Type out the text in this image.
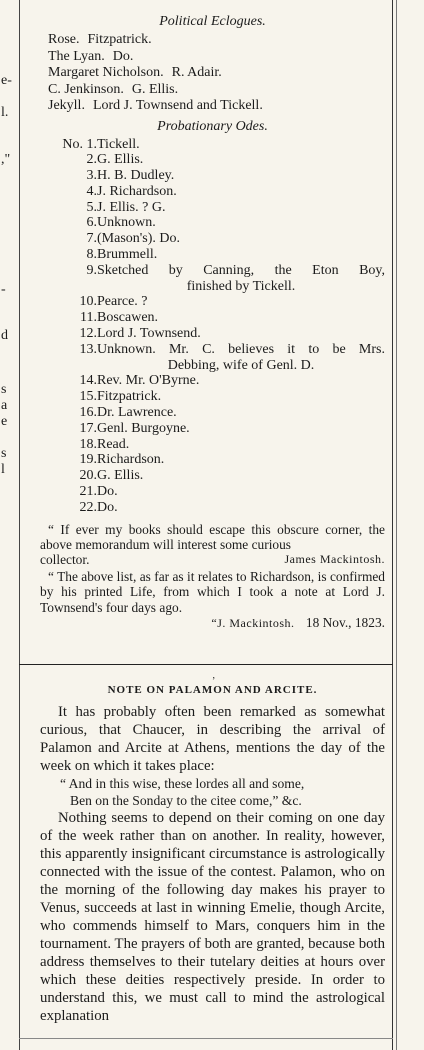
e-
l.
,"
-
d
s
a
e
s
l
Political Eclogues.
Rose. Fitzpatrick.
The Lyan. Do.
Margaret Nicholson. R. Adair.
C. Jenkinson. G. Ellis.
Jekyll. Lord J. Townsend and Tickell.
Probationary Odes.
No. 1. Tickell.
2. G. Ellis.
3. H. B. Dudley.
4. J. Richardson.
5. J. Ellis. ? G.
6. Unknown.
7. (Mason's). Do.
8. Brummell.
9. Sketched by Canning, the Eton Boy,
finished by Tickell.
10. Pearce. ?
11. Boscawen.
12. Lord J. Townsend.
13. Unknown. Mr. C. believes it to be Mrs.
Debbing, wife of Genl. D.
14. Rev. Mr. O'Byrne.
15. Fitzpatrick.
16. Dr. Lawrence.
17. Genl. Burgoyne.
18. Read.
19. Richardson.
20. G. Ellis.
21. Do.
22. Do.

“ If ever my books should escape this obscure corner, the above memorandum will interest some curious

collector.	James Mackintosh.

“ The above list, as far as it relates to Richardson, is confirmed by his printed Life, from which I took a note at Lord J. Townsend's four days ago.

“J. Mackintosh. 18 Nov., 1823.
ʼ
NOTE ON PALAMON AND ARCITE.

It has probably often been remarked as somewhat curious, that Chaucer, in describing the arrival of Palamon and Arcite at Athens, mentions the day of the week on which it takes place:

“ And in this wise, these lordes all and some,
Ben on the Sonday to the citee come,” &c.

Nothing seems to depend on their coming on one day of the week rather than on another. In reality, however, this apparently insignificant circumstance is astrologically connected with the issue of the contest. Palamon, who on the morning of the following day makes his prayer to Venus, succeeds at last in winning Emelie, though Arcite, who commends himself to Mars, conquers him in the tournament. The prayers of both are granted, because both address themselves to their tutelary deities at hours over which these deities respectively preside. In order to understand this, we must call to mind the astrological explanation
